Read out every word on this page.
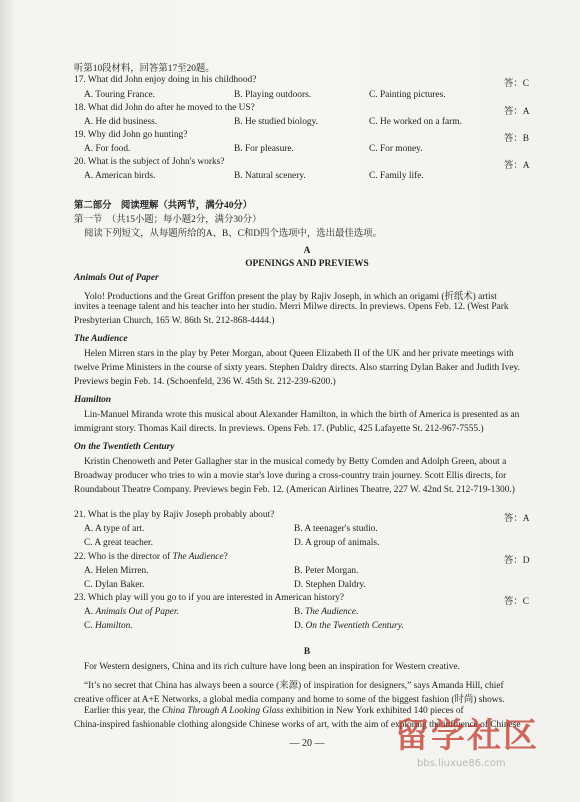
听第10段材料，回答第17至20题。
17. What did John enjoy doing in his childhood?	答：C
A. Touring France.	B. Playing outdoors.	C. Painting pictures.
18. What did John do after he moved to the US?	答：A
A. He did business.	B. He studied biology.	C. He worked on a farm.
19. Why did John go hunting?	答：B
A. For food.	B. For pleasure.	C. For money.
20. What is the subject of John's works?	答：A
A. American birds.	B. Natural scenery.	C. Family life.
第二部分　阅读理解（共两节，满分40分）
第一节　（共15小题；每小题2分，满分30分）
阅读下列短文，从每题所给的A、B、C和D四个选项中，选出最佳选项。
A
OPENINGS AND PREVIEWS
Animals Out of Paper
Yolo! Productions and the Great Griffon present the play by Rajiv Joseph, in which an origami (折纸术) artist
invites a teenage talent and his teacher into her studio. Merri Milwe directs. In previews. Opens Feb. 12. (West Park
Presbyterian Church, 165 W. 86th St. 212-868-4444.)
The Audience
Helen Mirren stars in the play by Peter Morgan, about Queen Elizabeth II of the UK and her private meetings with
twelve Prime Ministers in the course of sixty years. Stephen Daldry directs. Also starring Dylan Baker and Judith Ivey.
Previews begin Feb. 14. (Schoenfeld, 236 W. 45th St. 212-239-6200.)
Hamilton
Lin-Manuel Miranda wrote this musical about Alexander Hamilton, in which the birth of America is presented as an
immigrant story. Thomas Kail directs. In previews. Opens Feb. 17. (Public, 425 Lafayette St. 212-967-7555.)
On the Twentieth Century
Kristin Chenoweth and Peter Gallagher star in the musical comedy by Betty Comden and Adolph Green, about a
Broadway producer who tries to win a movie star's love during a cross-country train journey. Scott Ellis directs, for
Roundabout Theatre Company. Previews begin Feb. 12. (American Airlines Theatre, 227 W. 42nd St. 212-719-1300.)
21. What is the play by Rajiv Joseph probably about?	答：A
A. A type of art.	B. A teenager's studio.
C. A great teacher.	D. A group of animals.
22. Who is the director of The Audience?	答：D
A. Helen Mirren.	B. Peter Morgan.
C. Dylan Baker.	D. Stephen Daldry.
23. Which play will you go to if you are interested in American history?	答：C
A. Animals Out of Paper.	B. The Audience.
C. Hamilton.	D. On the Twentieth Century.
B
For Western designers, China and its rich culture have long been an inspiration for Western creative.
“It’s no secret that China has always been a source (来源) of inspiration for designers,” says Amanda Hill, chief
creative officer at A+E Networks, a global media company and home to some of the biggest fashion (时尚) shows.
Earlier this year, the China Through A Looking Glass exhibition in New York exhibited 140 pieces of
China-inspired fashionable clothing alongside Chinese works of art, with the aim of exploring the influence of Chinese
— 20 —	留学社区
bbs.liuxue86.com
